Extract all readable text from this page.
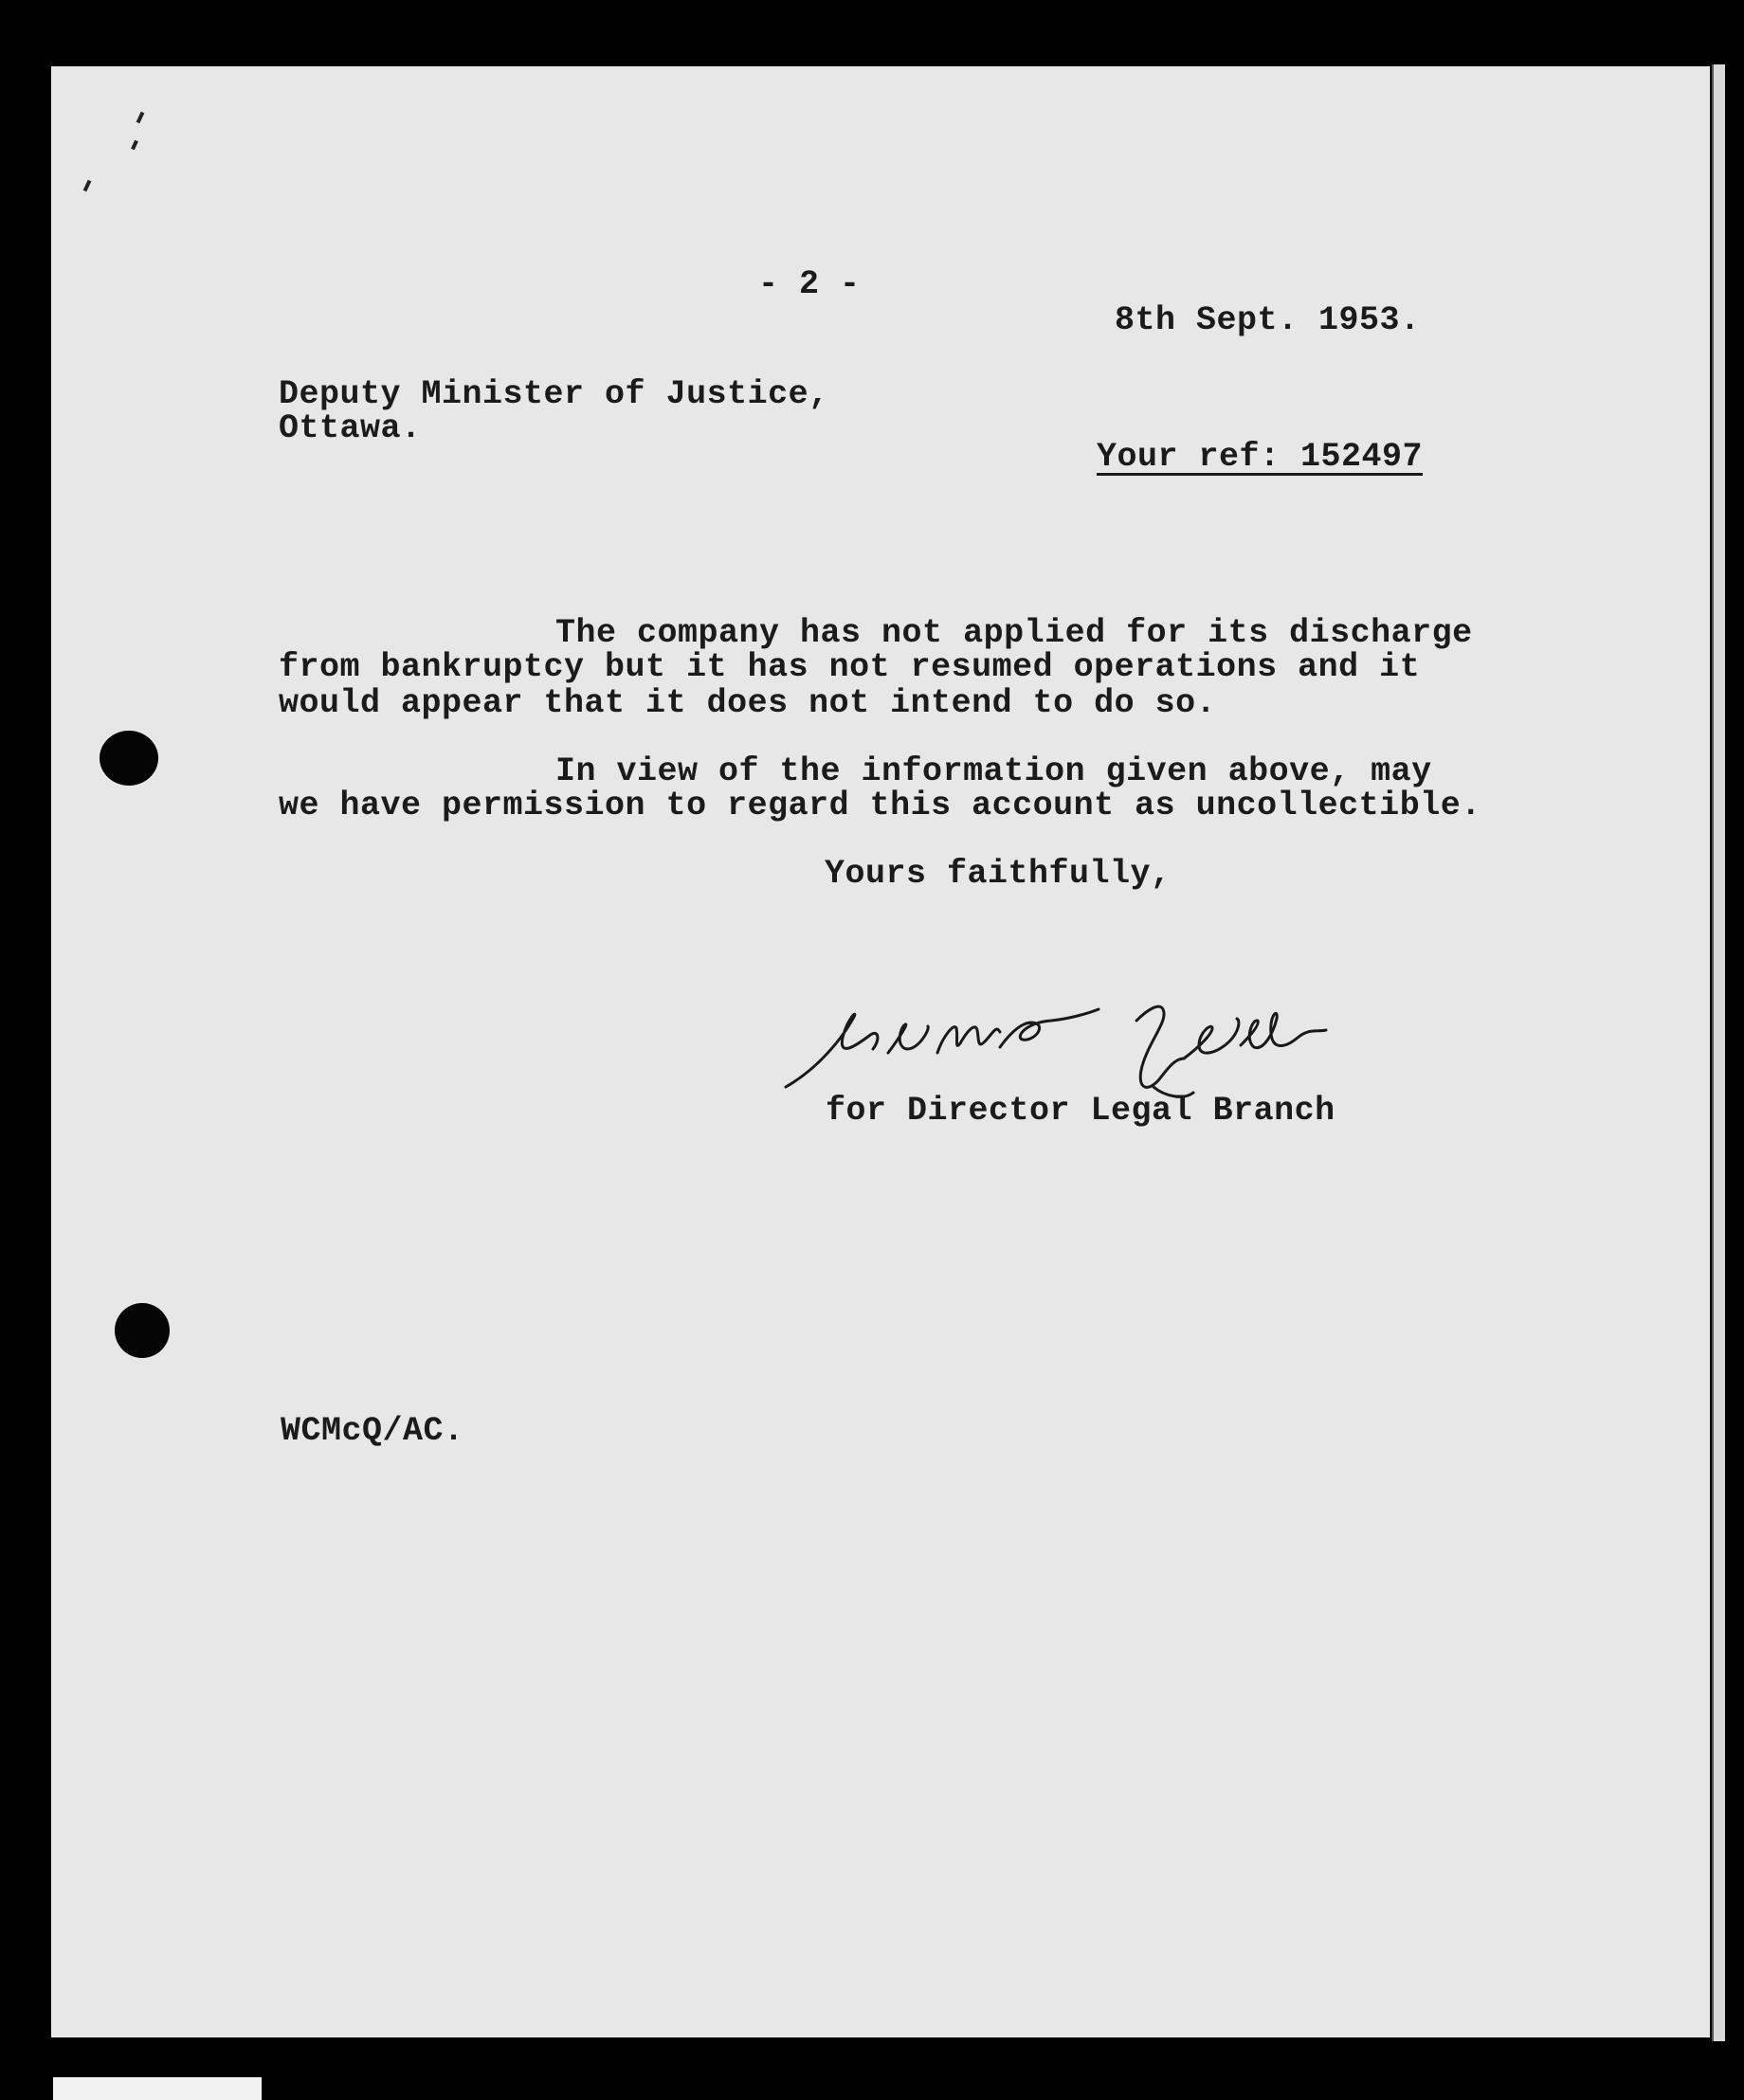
- 2 -
8th Sept. 1953.
Deputy Minister of Justice,
Ottawa.
Your ref: 152497
The company has not applied for its discharge
from bankruptcy but it has not resumed operations and it
would appear that it does not intend to do so.
In view of the information given above, may
we have permission to regard this account as uncollectible.
Yours faithfully,
for Director Legal Branch
WCMcQ/AC.
